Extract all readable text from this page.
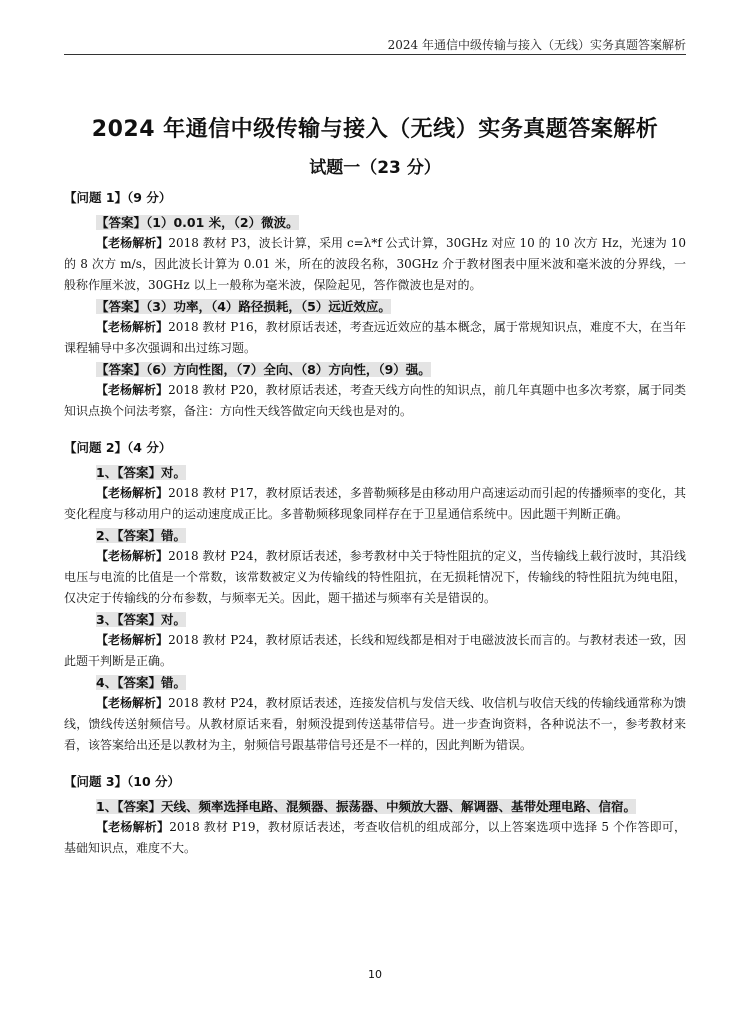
2024 年通信中级传输与接入（无线）实务真题答案解析
2024 年通信中级传输与接入（无线）实务真题答案解析
试题一（23 分）

【问题 1】（9 分）

【答案】（1）0.01 米，（2）微波。

【老杨解析】2018 教材 P3，波长计算，采用 c=λ*f 公式计算，30GHz 对应 10 的 10 次方 Hz，光速为 10 的 8 次方 m/s，因此波长计算为 0.01 米，所在的波段名称，30GHz 介于教材图表中厘米波和毫米波的分界线，一般称作厘米波，30GHz 以上一般称为毫米波，保险起见，答作微波也是对的。

【答案】（3）功率，（4）路径损耗，（5）远近效应。

【老杨解析】2018 教材 P16，教材原话表述，考查远近效应的基本概念，属于常规知识点，难度不大，在当年课程辅导中多次强调和出过练习题。

【答案】（6）方向性图，（7）全向、（8）方向性，（9）强。

【老杨解析】2018 教材 P20，教材原话表述，考查天线方向性的知识点，前几年真题中也多次考察，属于同类知识点换个问法考察，备注：方向性天线答做定向天线也是对的。

【问题 2】（4 分）

1、【答案】对。

【老杨解析】2018 教材 P17，教材原话表述，多普勒频移是由移动用户高速运动而引起的传播频率的变化，其变化程度与移动用户的运动速度成正比。多普勒频移现象同样存在于卫星通信系统中。因此题干判断正确。

2、【答案】错。

【老杨解析】2018 教材 P24，教材原话表述，参考教材中关于特性阻抗的定义，当传输线上载行波时，其沿线电压与电流的比值是一个常数，该常数被定义为传输线的特性阻抗，在无损耗情况下，传输线的特性阻抗为纯电阻，仅决定于传输线的分布参数，与频率无关。因此，题干描述与频率有关是错误的。

3、【答案】对。

【老杨解析】2018 教材 P24，教材原话表述，长线和短线都是相对于电磁波波长而言的。与教材表述一致，因此题干判断是正确。

4、【答案】错。

【老杨解析】2018 教材 P24，教材原话表述，连接发信机与发信天线、收信机与收信天线的传输线通常称为馈线，馈线传送射频信号。从教材原话来看，射频没提到传送基带信号。进一步查询资料，各种说法不一，参考教材来看，该答案给出还是以教材为主，射频信号跟基带信号还是不一样的，因此判断为错误。

【问题 3】（10 分）

1、【答案】天线、频率选择电路、混频器、振荡器、中频放大器、解调器、基带处理电路、信宿。

【老杨解析】2018 教材 P19，教材原话表述，考查收信机的组成部分，以上答案选项中选择 5 个作答即可，基础知识点，难度不大。

10
